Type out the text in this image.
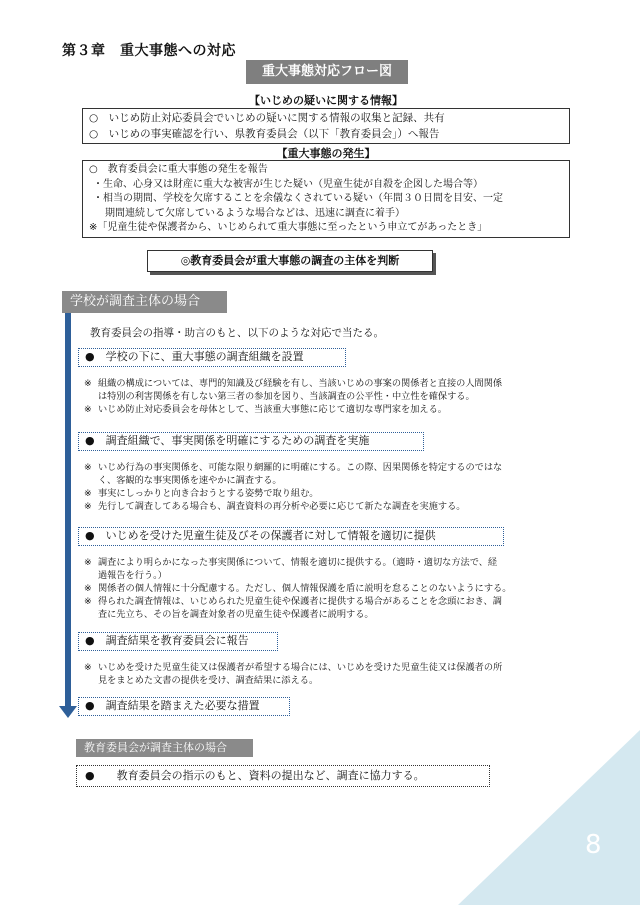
第３章　重大事態への対応
重大事態対応フロー図
【いじめの疑いに関する情報】
○　いじめ防止対応委員会でいじめの疑いに関する情報の収集と記録、共有
○　いじめの事実確認を行い、県教育委員会（以下「教育委員会」）へ報告
【重大事態の発生】
○　教育委員会に重大事態の発生を報告
・生命、心身又は財産に重大な被害が生じた疑い（児童生徒が自殺を企図した場合等）
・相当の期間、学校を欠席することを余儀なくされている疑い（年間３０日間を目安、一定
期間連続して欠席しているような場合などは、迅速に調査に着手）
※「児童生徒や保護者から、いじめられて重大事態に至ったという申立てがあったとき」
◎教育委員会が重大事態の調査の主体を判断
学校が調査主体の場合
教育委員会の指導・助言のもと、以下のような対応で当たる。
●　学校の下に、重大事態の調査組織を設置
※ 組織の構成については、専門的知識及び経験を有し、当該いじめの事案の関係者と直接の人間関係
は特別の利害関係を有しない第三者の参加を図り、当該調査の公平性・中立性を確保する。
※ いじめ防止対応委員会を母体として、当該重大事態に応じて適切な専門家を加える。
●　調査組織で、事実関係を明確にするための調査を実施
※ いじめ行為の事実関係を、可能な限り網羅的に明確にする。この際、因果関係を特定するのではな
く、客観的な事実関係を速やかに調査する。
※ 事実にしっかりと向き合おうとする姿勢で取り組む。
※ 先行して調査してある場合も、調査資料の再分析や必要に応じて新たな調査を実施する。
●　いじめを受けた児童生徒及びその保護者に対して情報を適切に提供
※ 調査により明らかになった事実関係について、情報を適切に提供する。（適時・適切な方法で、経
過報告を行う。）
※ 関係者の個人情報に十分配慮する。ただし、個人情報保護を盾に説明を怠ることのないようにする。
※ 得られた調査情報は、いじめられた児童生徒や保護者に提供する場合があることを念頭におき、調
査に先立ち、その旨を調査対象者の児童生徒や保護者に説明する。
●　調査結果を教育委員会に報告
※ いじめを受けた児童生徒又は保護者が希望する場合には、いじめを受けた児童生徒又は保護者の所
見をまとめた文書の提供を受け、調査結果に添える。
●　調査結果を踏まえた必要な措置
教育委員会が調査主体の場合
●　　教育委員会の指示のもと、資料の提出など、調査に協力する。
8
